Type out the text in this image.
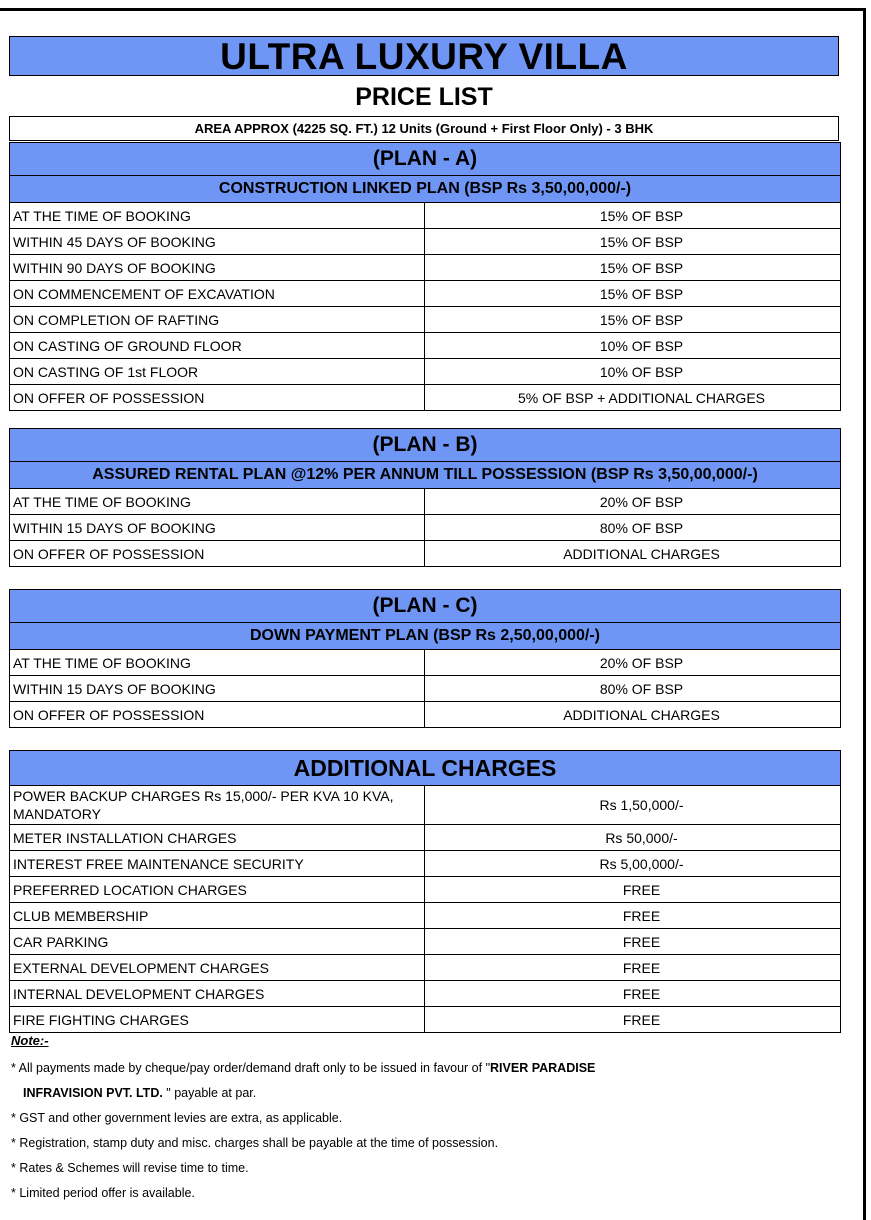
ULTRA LUXURY VILLA
PRICE LIST
AREA APPROX (4225 SQ. FT.) 12 Units (Ground + First Floor Only) - 3 BHK
(PLAN - A)	
CONSTRUCTION LINKED PLAN (BSP Rs 3,50,00,000/-)	
AT THE TIME OF BOOKING	15% OF BSP
WITHIN 45 DAYS OF BOOKING	15% OF BSP
WITHIN 90 DAYS OF BOOKING	15% OF BSP
ON COMMENCEMENT OF EXCAVATION	15% OF BSP
ON COMPLETION OF RAFTING	15% OF BSP
ON CASTING OF GROUND FLOOR	10% OF BSP
ON CASTING OF 1st FLOOR	10% OF BSP
ON OFFER OF POSSESSION	5% OF BSP + ADDITIONAL CHARGES
(PLAN - B)	
ASSURED RENTAL PLAN @12% PER ANNUM TILL POSSESSION (BSP Rs 3,50,00,000/-)	
AT THE TIME OF BOOKING	20% OF BSP
WITHIN 15 DAYS OF BOOKING	80% OF BSP
ON OFFER OF POSSESSION	ADDITIONAL CHARGES
(PLAN - C)	
DOWN PAYMENT PLAN (BSP Rs 2,50,00,000/-)	
AT THE TIME OF BOOKING	20% OF BSP
WITHIN 15 DAYS OF BOOKING	80% OF BSP
ON OFFER OF POSSESSION	ADDITIONAL CHARGES
ADDITIONAL CHARGES	
POWER BACKUP CHARGES Rs 15,000/- PER KVA 10 KVA, MANDATORY	Rs 1,50,000/-
METER INSTALLATION CHARGES	Rs 50,000/-
INTEREST FREE MAINTENANCE SECURITY	Rs 5,00,000/-
PREFERRED LOCATION CHARGES	FREE
CLUB MEMBERSHIP	FREE
CAR PARKING	FREE
EXTERNAL DEVELOPMENT CHARGES	FREE
INTERNAL DEVELOPMENT CHARGES	FREE
FIRE FIGHTING CHARGES	FREE
Note:-
* All payments made by cheque/pay order/demand draft only to be issued in favour of "RIVER PARADISE
INFRAVISION PVT. LTD. " payable at par.
* GST and other government levies are extra, as applicable.
* Registration, stamp duty and misc. charges shall be payable at the time of possession.
* Rates & Schemes will revise time to time.
* Limited period offer is available.
